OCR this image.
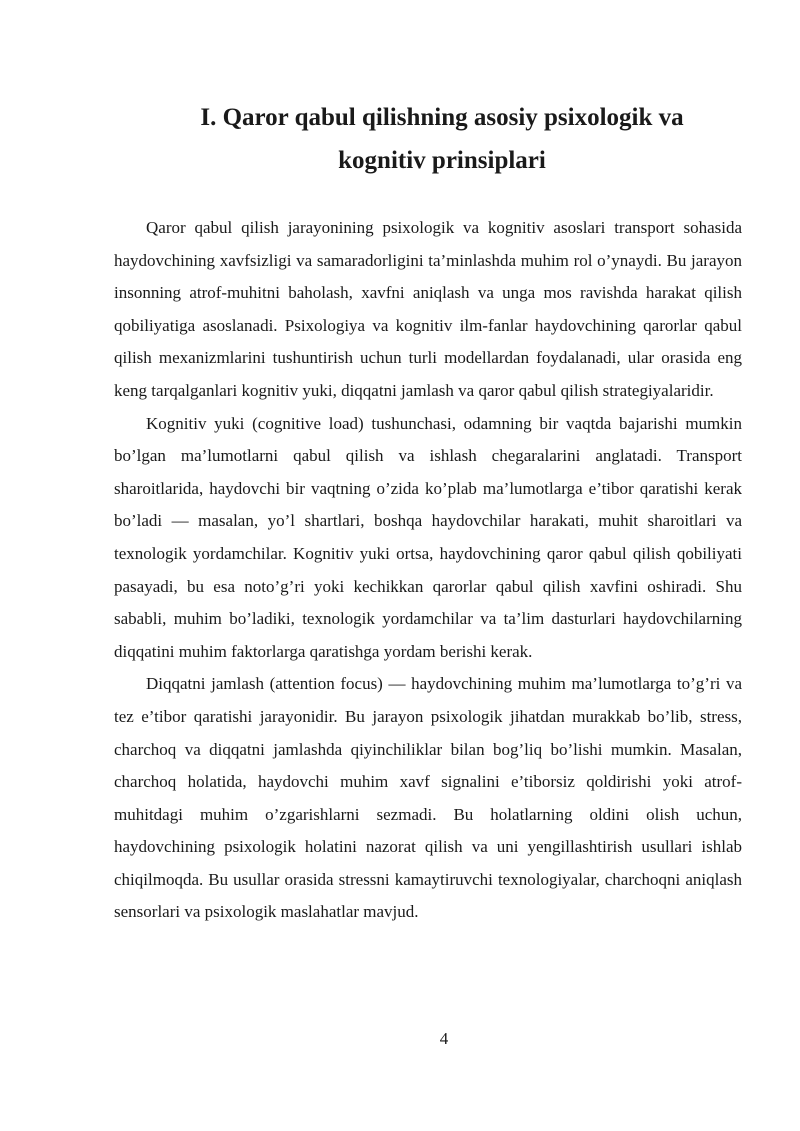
I. Qaror qabul qilishning asosiy psixologik va
kognitiv prinsiplari

Qaror qabul qilish jarayonining psixologik va kognitiv asoslari transport sohasida haydovchining xavfsizligi va samaradorligini ta’minlashda muhim rol o’ynaydi. Bu jarayon insonning atrof-muhitni baholash, xavfni aniqlash va unga mos ravishda harakat qilish qobiliyatiga asoslanadi. Psixologiya va kognitiv ilm-fanlar haydovchining qarorlar qabul qilish mexanizmlarini tushuntirish uchun turli modellardan foydalanadi, ular orasida eng keng tarqalganlari kognitiv yuki, diqqatni jamlash va qaror qabul qilish strategiyalaridir.

Kognitiv yuki (cognitive load) tushunchasi, odamning bir vaqtda bajarishi mumkin bo’lgan ma’lumotlarni qabul qilish va ishlash chegaralarini anglatadi. Transport sharoitlarida, haydovchi bir vaqtning o’zida ko’plab ma’lumotlarga e’tibor qaratishi kerak bo’ladi — masalan, yo’l shartlari, boshqa haydovchilar harakati, muhit sharoitlari va texnologik yordamchilar. Kognitiv yuki ortsa, haydovchining qaror qabul qilish qobiliyati pasayadi, bu esa noto’g’ri yoki kechikkan qarorlar qabul qilish xavfini oshiradi. Shu sababli, muhim bo’ladiki, texnologik yordamchilar va ta’lim dasturlari haydovchilarning diqqatini muhim faktorlarga qaratishga yordam berishi kerak.

Diqqatni jamlash (attention focus) — haydovchining muhim ma’lumotlarga to’g’ri va tez e’tibor qaratishi jarayonidir. Bu jarayon psixologik jihatdan murakkab bo’lib, stress, charchoq va diqqatni jamlashda qiyinchiliklar bilan bog’liq bo’lishi mumkin. Masalan, charchoq holatida, haydovchi muhim xavf signalini e’tiborsiz qoldirishi yoki atrof-muhitdagi muhim o’zgarishlarni sezmadi. Bu holatlarning oldini olish uchun, haydovchining psixologik holatini nazorat qilish va uni yengillashtirish usullari ishlab chiqilmoqda. Bu usullar orasida stressni kamaytiruvchi texnologiyalar, charchoqni aniqlash sensorlari va psixologik maslahatlar mavjud.

4
